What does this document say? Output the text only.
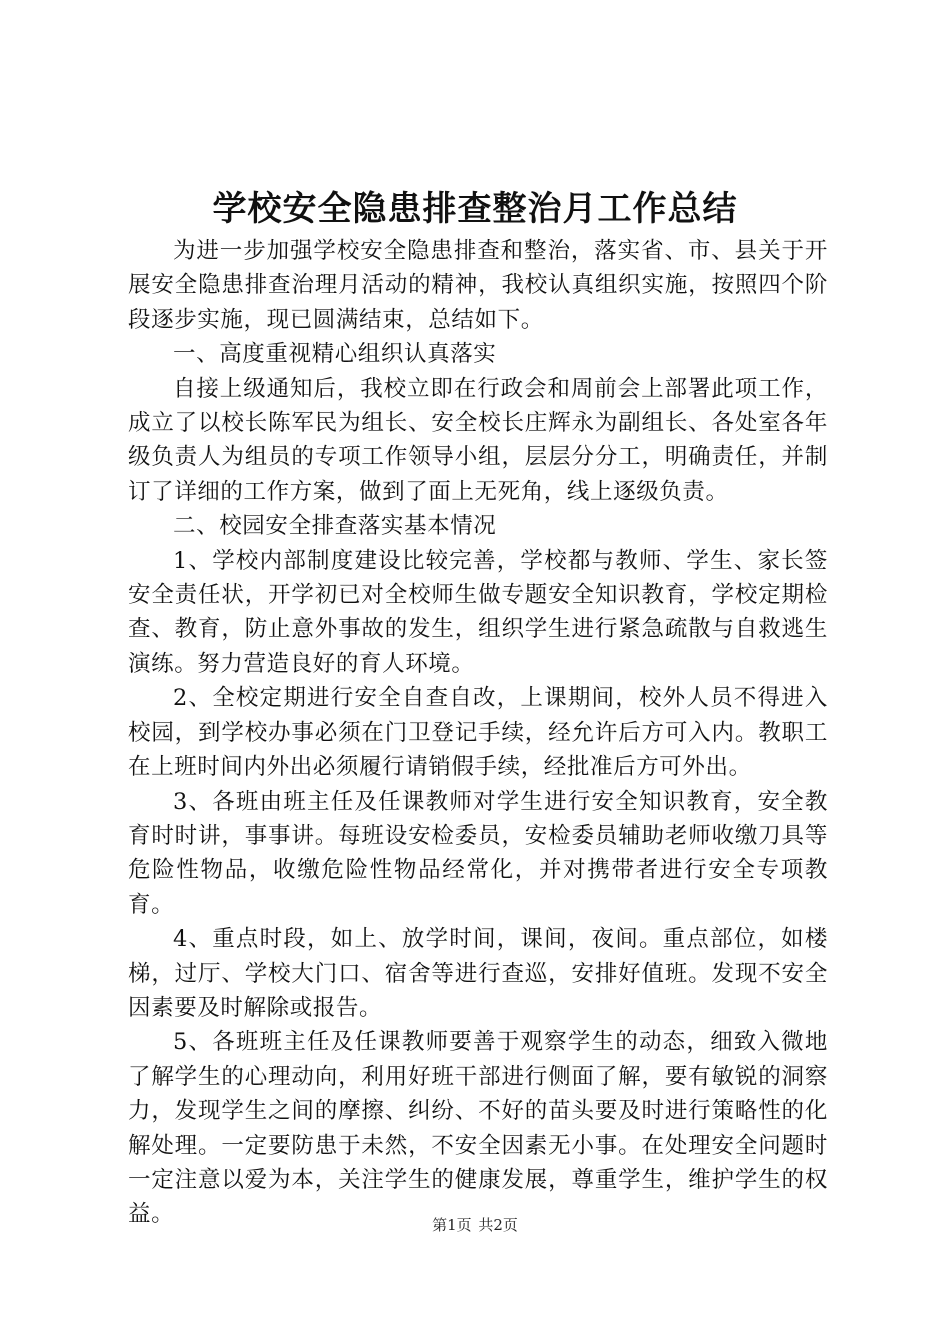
学校安全隐患排查整治月工作总结

为进一步加强学校安全隐患排查和整治，落实省、市、县关于开展安全隐患排查治理月活动的精神，我校认真组织实施，按照四个阶段逐步实施，现已圆满结束，总结如下。

一、高度重视精心组织认真落实

自接上级通知后，我校立即在行政会和周前会上部署此项工作，成立了以校长陈军民为组长、安全校长庄辉永为副组长、各处室各年级负责人为组员的专项工作领导小组，层层分分工，明确责任，并制订了详细的工作方案，做到了面上无死角，线上逐级负责。

二、校园安全排查落实基本情况

1、学校内部制度建设比较完善，学校都与教师、学生、家长签安全责任状，开学初已对全校师生做专题安全知识教育，学校定期检查、教育，防止意外事故的发生，组织学生进行紧急疏散与自救逃生演练。努力营造良好的育人环境。

2、全校定期进行安全自查自改，上课期间，校外人员不得进入校园，到学校办事必须在门卫登记手续，经允许后方可入内。教职工在上班时间内外出必须履行请销假手续，经批准后方可外出。

3、各班由班主任及任课教师对学生进行安全知识教育，安全教育时时讲，事事讲。每班设安检委员，安检委员辅助老师收缴刀具等危险性物品，收缴危险性物品经常化，并对携带者进行安全专项教育。

4、重点时段，如上、放学时间，课间，夜间。重点部位，如楼梯，过厅、学校大门口、宿舍等进行查巡，安排好值班。发现不安全因素要及时解除或报告。

5、各班班主任及任课教师要善于观察学生的动态，细致入微地了解学生的心理动向，利用好班干部进行侧面了解，要有敏锐的洞察力，发现学生之间的摩擦、纠纷、不好的苗头要及时进行策略性的化解处理。一定要防患于未然，不安全因素无小事。在处理安全问题时一定注意以爱为本，关注学生的健康发展，尊重学生，维护学生的权益。	第1页 共2页
